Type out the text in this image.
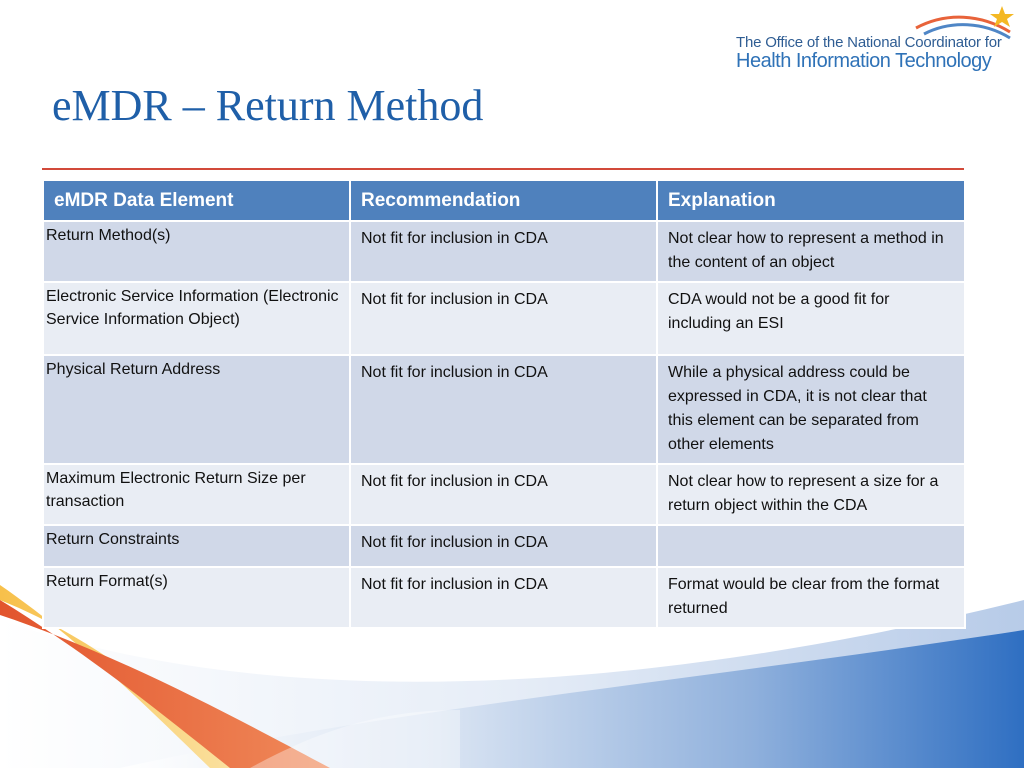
The Office of the National Coordinator for
Health Information Technology
eMDR – Return Method
eMDR Data Element	Recommendation	Explanation
Return Method(s)	Not fit for inclusion in CDA	Not clear how to represent a method in the content of an object
Electronic Service Information (Electronic Service Information Object)	Not fit for inclusion in CDA	CDA would not be a good fit for including an ESI
Physical Return Address	Not fit for inclusion in CDA	While a physical address could be expressed in CDA, it is not clear that this element can be separated from other elements
Maximum Electronic Return Size per transaction	Not fit for inclusion in CDA	Not clear how to represent a size for a return object within the CDA
Return Constraints	Not fit for inclusion in CDA	
Return Format(s)	Not fit for inclusion in CDA	Format would be clear from the format returned
